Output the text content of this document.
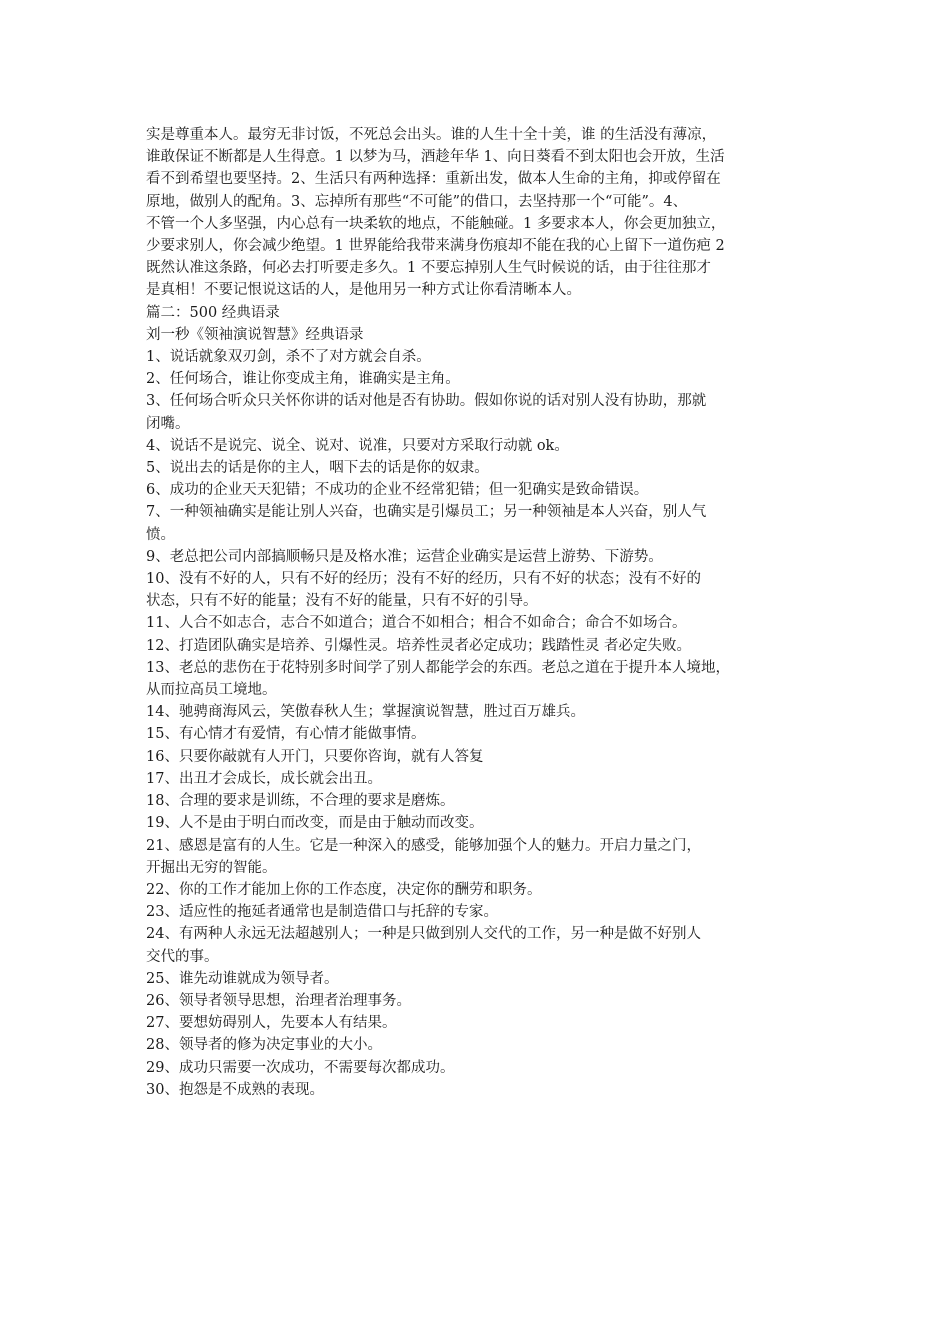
实是尊重本人。最穷无非讨饭，不死总会出头。谁的人生十全十美，谁 的生活没有薄凉，
谁敢保证不断都是人生得意。1 以梦为马，酒趁年华 1、向日葵看不到太阳也会开放，生活
看不到希望也要坚持。2、生活只有两种选择：重新出发，做本人生命的主角，抑或停留在
原地，做别人的配角。3、忘掉所有那些“不可能”的借口，去坚持那一个“可能”。4、
不管一个人多坚强，内心总有一块柔软的地点，不能触碰。1 多要求本人，你会更加独立，
少要求别人，你会减少绝望。1 世界能给我带来满身伤痕却不能在我的心上留下一道伤疤 2
既然认准这条路，何必去打听要走多久。1 不要忘掉别人生气时候说的话，由于往往那才
是真相！不要记恨说这话的人，是他用另一种方式让你看清晰本人。
篇二：500 经典语录
刘一秒《领袖演说智慧》经典语录
1、说话就象双刃剑，杀不了对方就会自杀。
2、任何场合，谁让你变成主角，谁确实是主角。
3、任何场合听众只关怀你讲的话对他是否有协助。假如你说的话对别人没有协助，那就
闭嘴。
4、说话不是说完、说全、说对、说准，只要对方采取行动就 ok。
5、说出去的话是你的主人，咽下去的话是你的奴隶。
6、成功的企业天天犯错；不成功的企业不经常犯错；但一犯确实是致命错误。
7、一种领袖确实是能让别人兴奋，也确实是引爆员工；另一种领袖是本人兴奋，别人气
愤。
9、老总把公司内部搞顺畅只是及格水准；运营企业确实是运营上游势、下游势。
10、没有不好的人，只有不好的经历；没有不好的经历，只有不好的状态；没有不好的
状态，只有不好的能量；没有不好的能量，只有不好的引导。
11、人合不如志合，志合不如道合；道合不如相合；相合不如命合；命合不如场合。
12、打造团队确实是培养、引爆性灵。培养性灵者必定成功；践踏性灵 者必定失败。
13、老总的悲伤在于花特别多时间学了别人都能学会的东西。老总之道在于提升本人境地，
从而拉高员工境地。
14、驰骋商海风云，笑傲春秋人生；掌握演说智慧，胜过百万雄兵。
15、有心情才有爱情，有心情才能做事情。
16、只要你敲就有人开门，只要你咨询，就有人答复
17、出丑才会成长，成长就会出丑。
18、合理的要求是训练，不合理的要求是磨炼。
19、人不是由于明白而改变，而是由于触动而改变。
21、感恩是富有的人生。它是一种深入的感受，能够加强个人的魅力。开启力量之门，
开掘出无穷的智能。
22、你的工作才能加上你的工作态度，决定你的酬劳和职务。
23、适应性的拖延者通常也是制造借口与托辞的专家。
24、有两种人永远无法超越别人；一种是只做到别人交代的工作，另一种是做不好别人
交代的事。
25、谁先动谁就成为领导者。
26、领导者领导思想，治理者治理事务。
27、要想妨碍别人，先要本人有结果。
28、领导者的修为决定事业的大小。
29、成功只需要一次成功，不需要每次都成功。
30、抱怨是不成熟的表现。
